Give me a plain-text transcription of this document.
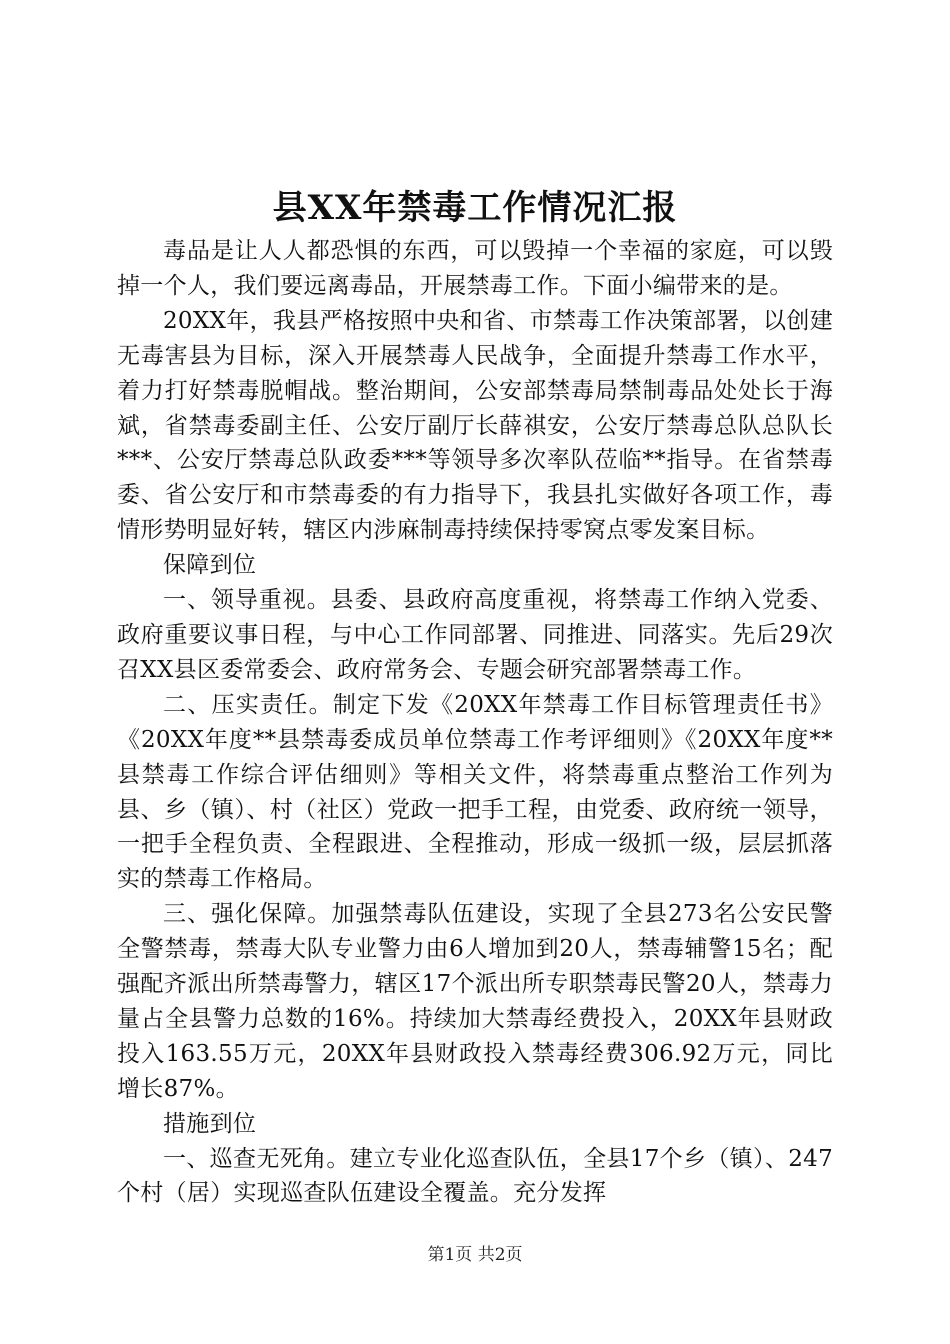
县XX年禁毒工作情况汇报

毒品是让人人都恐惧的东西，可以毁掉一个幸福的家庭，可以毁掉一个人，我们要远离毒品，开展禁毒工作。下面小编带来的是。

20XX年，我县严格按照中央和省、市禁毒工作决策部署，以创建无毒害县为目标，深入开展禁毒人民战争，全面提升禁毒工作水平，着力打好禁毒脱帽战。整治期间，公安部禁毒局禁制毒品处处长于海斌，省禁毒委副主任、公安厅副厅长薛祺安，公安厅禁毒总队总队长***、公安厅禁毒总队政委***等领导多次率队莅临**指导。在省禁毒委、省公安厅和市禁毒委的有力指导下，我县扎实做好各项工作，毒情形势明显好转，辖区内涉麻制毒持续保持零窝点零发案目标。

保障到位

一、领导重视。县委、县政府高度重视，将禁毒工作纳入党委、政府重要议事日程，与中心工作同部署、同推进、同落实。先后29次召XX县区委常委会、政府常务会、专题会研究部署禁毒工作。

二、压实责任。制定下发《20XX年禁毒工作目标管理责任书》《20XX年度**县禁毒委成员单位禁毒工作考评细则》《20XX年度**县禁毒工作综合评估细则》等相关文件，将禁毒重点整治工作列为县、乡（镇）、村（社区）党政一把手工程，由党委、政府统一领导，一把手全程负责、全程跟进、全程推动，形成一级抓一级，层层抓落实的禁毒工作格局。

三、强化保障。加强禁毒队伍建设，实现了全县273名公安民警全警禁毒，禁毒大队专业警力由6人增加到20人，禁毒辅警15名；配强配齐派出所禁毒警力，辖区17个派出所专职禁毒民警20人，禁毒力量占全县警力总数的16%。持续加大禁毒经费投入，20XX年县财政投入163.55万元，20XX年县财政投入禁毒经费306.92万元，同比增长87%。

措施到位

一、巡查无死角。建立专业化巡查队伍，全县17个乡（镇）、247个村（居）实现巡查队伍建设全覆盖。充分发挥

第1页 共2页
